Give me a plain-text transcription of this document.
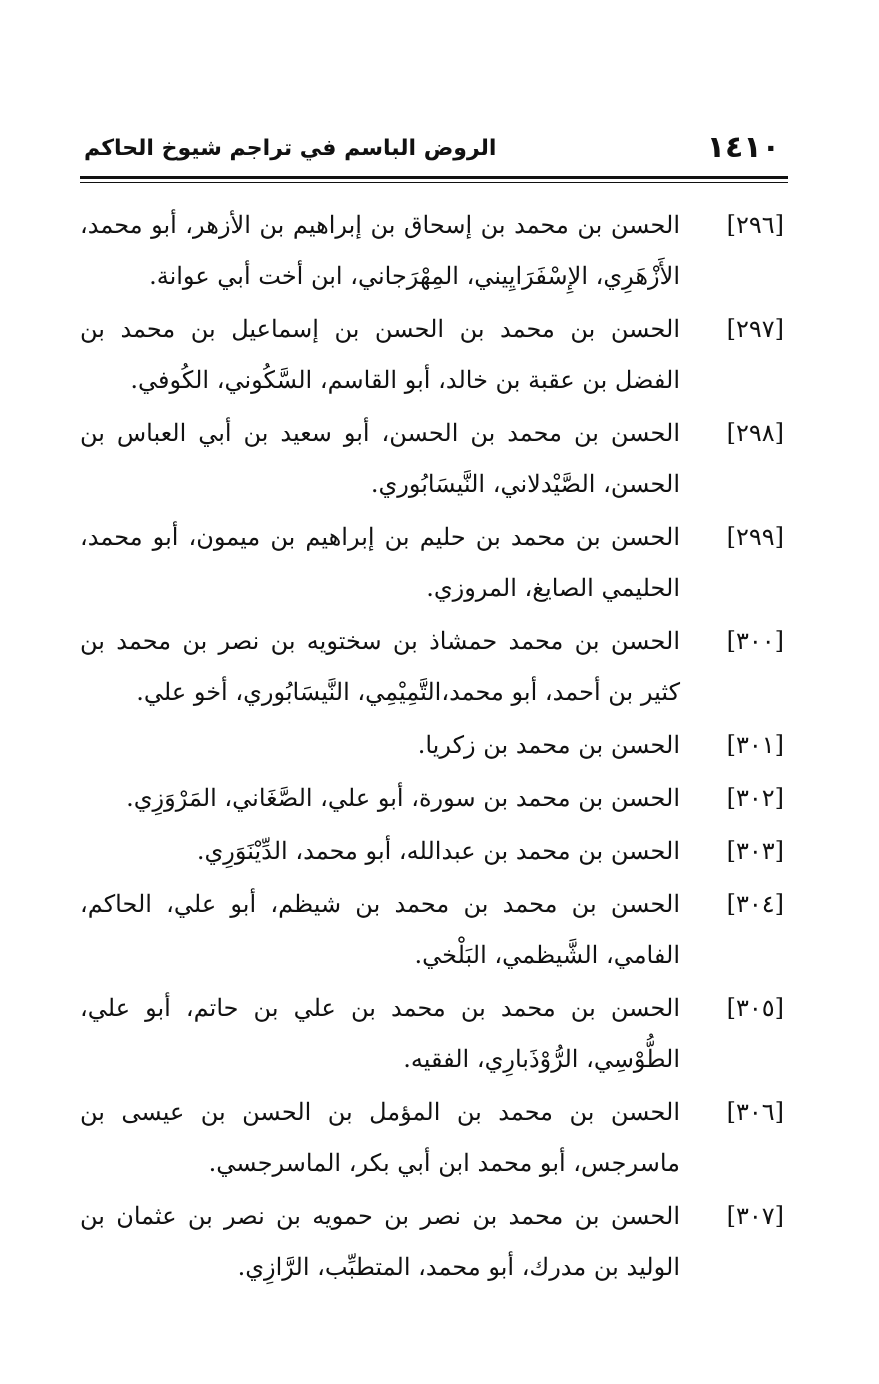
١٤١٠
الروض الباسم في تراجم شيوخ الحاكم

[٢٩٦]الحسن بن محمد بن إسحاق بن إبراهيم بن الأزهر، أبو محمد، الأَزْهَرِي، الإِسْفَرَايِيني، المِهْرَجاني، ابن أخت أبي عوانة.

[٢٩٧]الحسن بن محمد بن الحسن بن إسماعيل بن محمد بن الفضل بن عقبة بن خالد، أبو القاسم، السَّكُوني، الكُوفي.

[٢٩٨]الحسن بن محمد بن الحسن، أبو سعيد بن أبي العباس بن الحسن، الصَّيْدلاني، النَّيسَابُوري.

[٢٩٩]الحسن بن محمد بن حليم بن إبراهيم بن ميمون، أبو محمد، الحليمي الصايغ، المروزي.

[٣٠٠]الحسن بن محمد حمشاذ بن سختويه بن نصر بن محمد بن كثير بن أحمد، أبو محمد،التَّمِيْمِي، النَّيسَابُوري، أخو علي.

[٣٠١]الحسن بن محمد بن زكريا.

[٣٠٢]الحسن بن محمد بن سورة، أبو علي، الصَّغَاني، المَرْوَزِي.

[٣٠٣]الحسن بن محمد بن عبدالله، أبو محمد، الدِّيْنَوَرِي.

[٣٠٤]الحسن بن محمد بن محمد بن شيظم، أبو علي، الحاكم، الفامي، الشَّيظمي، البَلْخي.

[٣٠٥]الحسن بن محمد بن محمد بن علي بن حاتم، أبو علي، الطُّوْسِي، الرُّوْذَبارِي، الفقيه.

[٣٠٦]الحسن بن محمد بن المؤمل بن الحسن بن عيسى بن ماسرجس، أبو محمد ابن أبي بكر، الماسرجسي.

[٣٠٧]الحسن بن محمد بن نصر بن حمويه بن نصر بن عثمان بن الوليد بن مدرك، أبو محمد، المتطبِّب، الرَّازِي.
